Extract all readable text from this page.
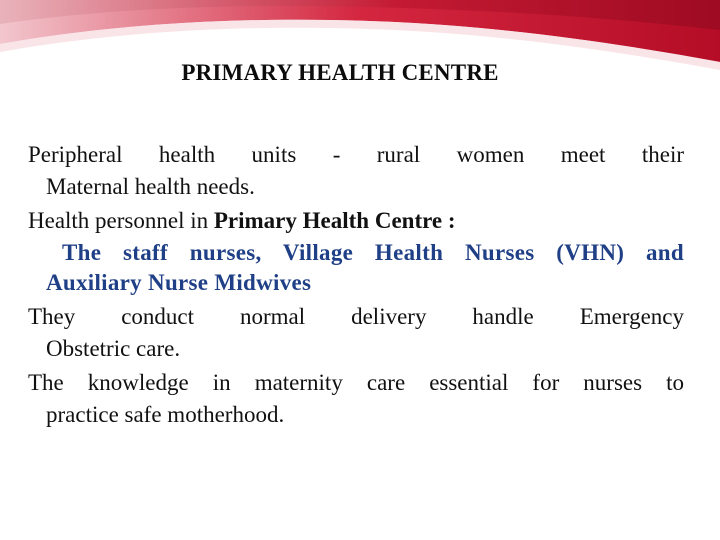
PRIMARY HEALTH CENTRE

Peripheral health units - rural women meet their

Maternal health needs.

Health personnel in Primary Health Centre :

The staff nurses, Village Health Nurses (VHN) and

Auxiliary Nurse Midwives

They conduct normal delivery handle Emergency

Obstetric care.

The knowledge in maternity care essential for nurses to

practice safe motherhood.
